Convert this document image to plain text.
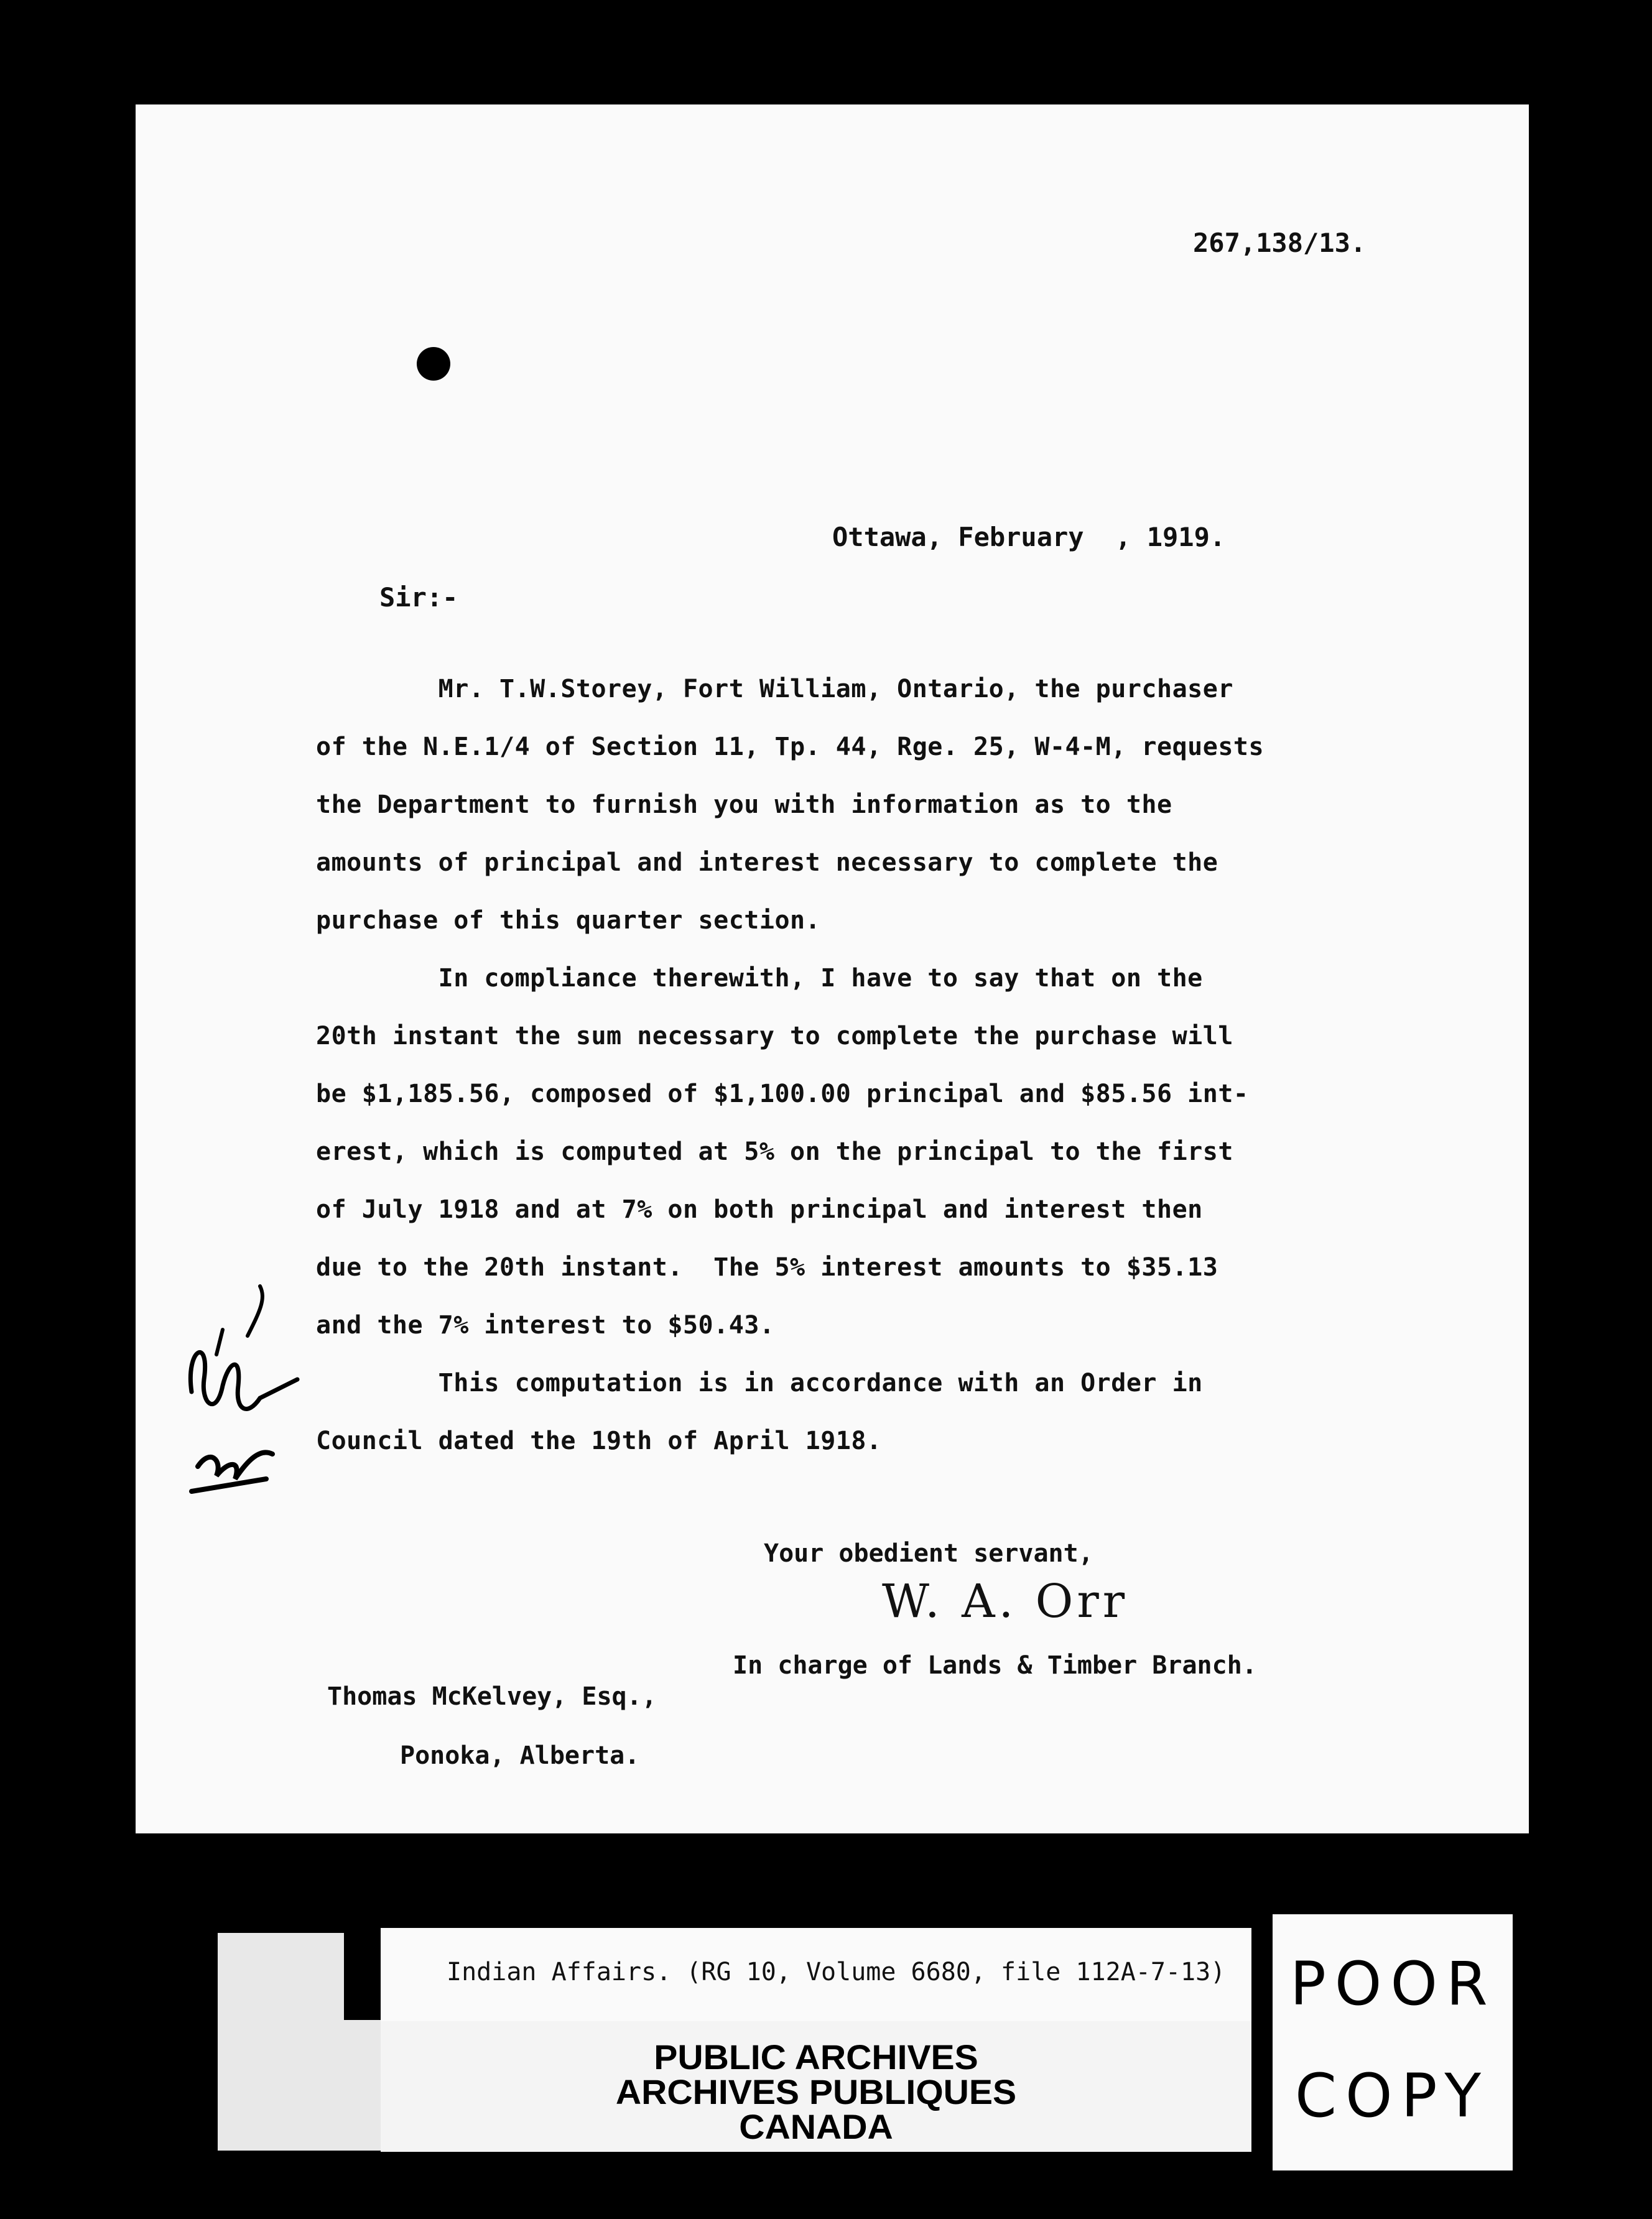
267,138/13.
Ottawa, February  , 1919.
Sir:-
Mr. T.W.Storey, Fort William, Ontario, the purchaser
of the N.E.1/4 of Section 11, Tp. 44, Rge. 25, W-4-M, requests
the Department to furnish you with information as to the
amounts of principal and interest necessary to complete the
purchase of this quarter section.
In compliance therewith, I have to say that on the
20th instant the sum necessary to complete the purchase will
be $1,185.56, composed of $1,100.00 principal and $85.56 int-
erest, which is computed at 5% on the principal to the first
of July 1918 and at 7% on both principal and interest then
due to the 20th instant.  The 5% interest amounts to $35.13
and the 7% interest to $50.43.
This computation is in accordance with an Order in
Council dated the 19th of April 1918.
Your obedient servant,
W. A. Orr
In charge of Lands & Timber Branch.
Thomas McKelvey, Esq.,
Ponoka, Alberta.
Indian Affairs. (RG 10, Volume 6680, file 112A-7-13)
PUBLIC ARCHIVES
ARCHIVES PUBLIQUES
CANADA
POOR
COPY
